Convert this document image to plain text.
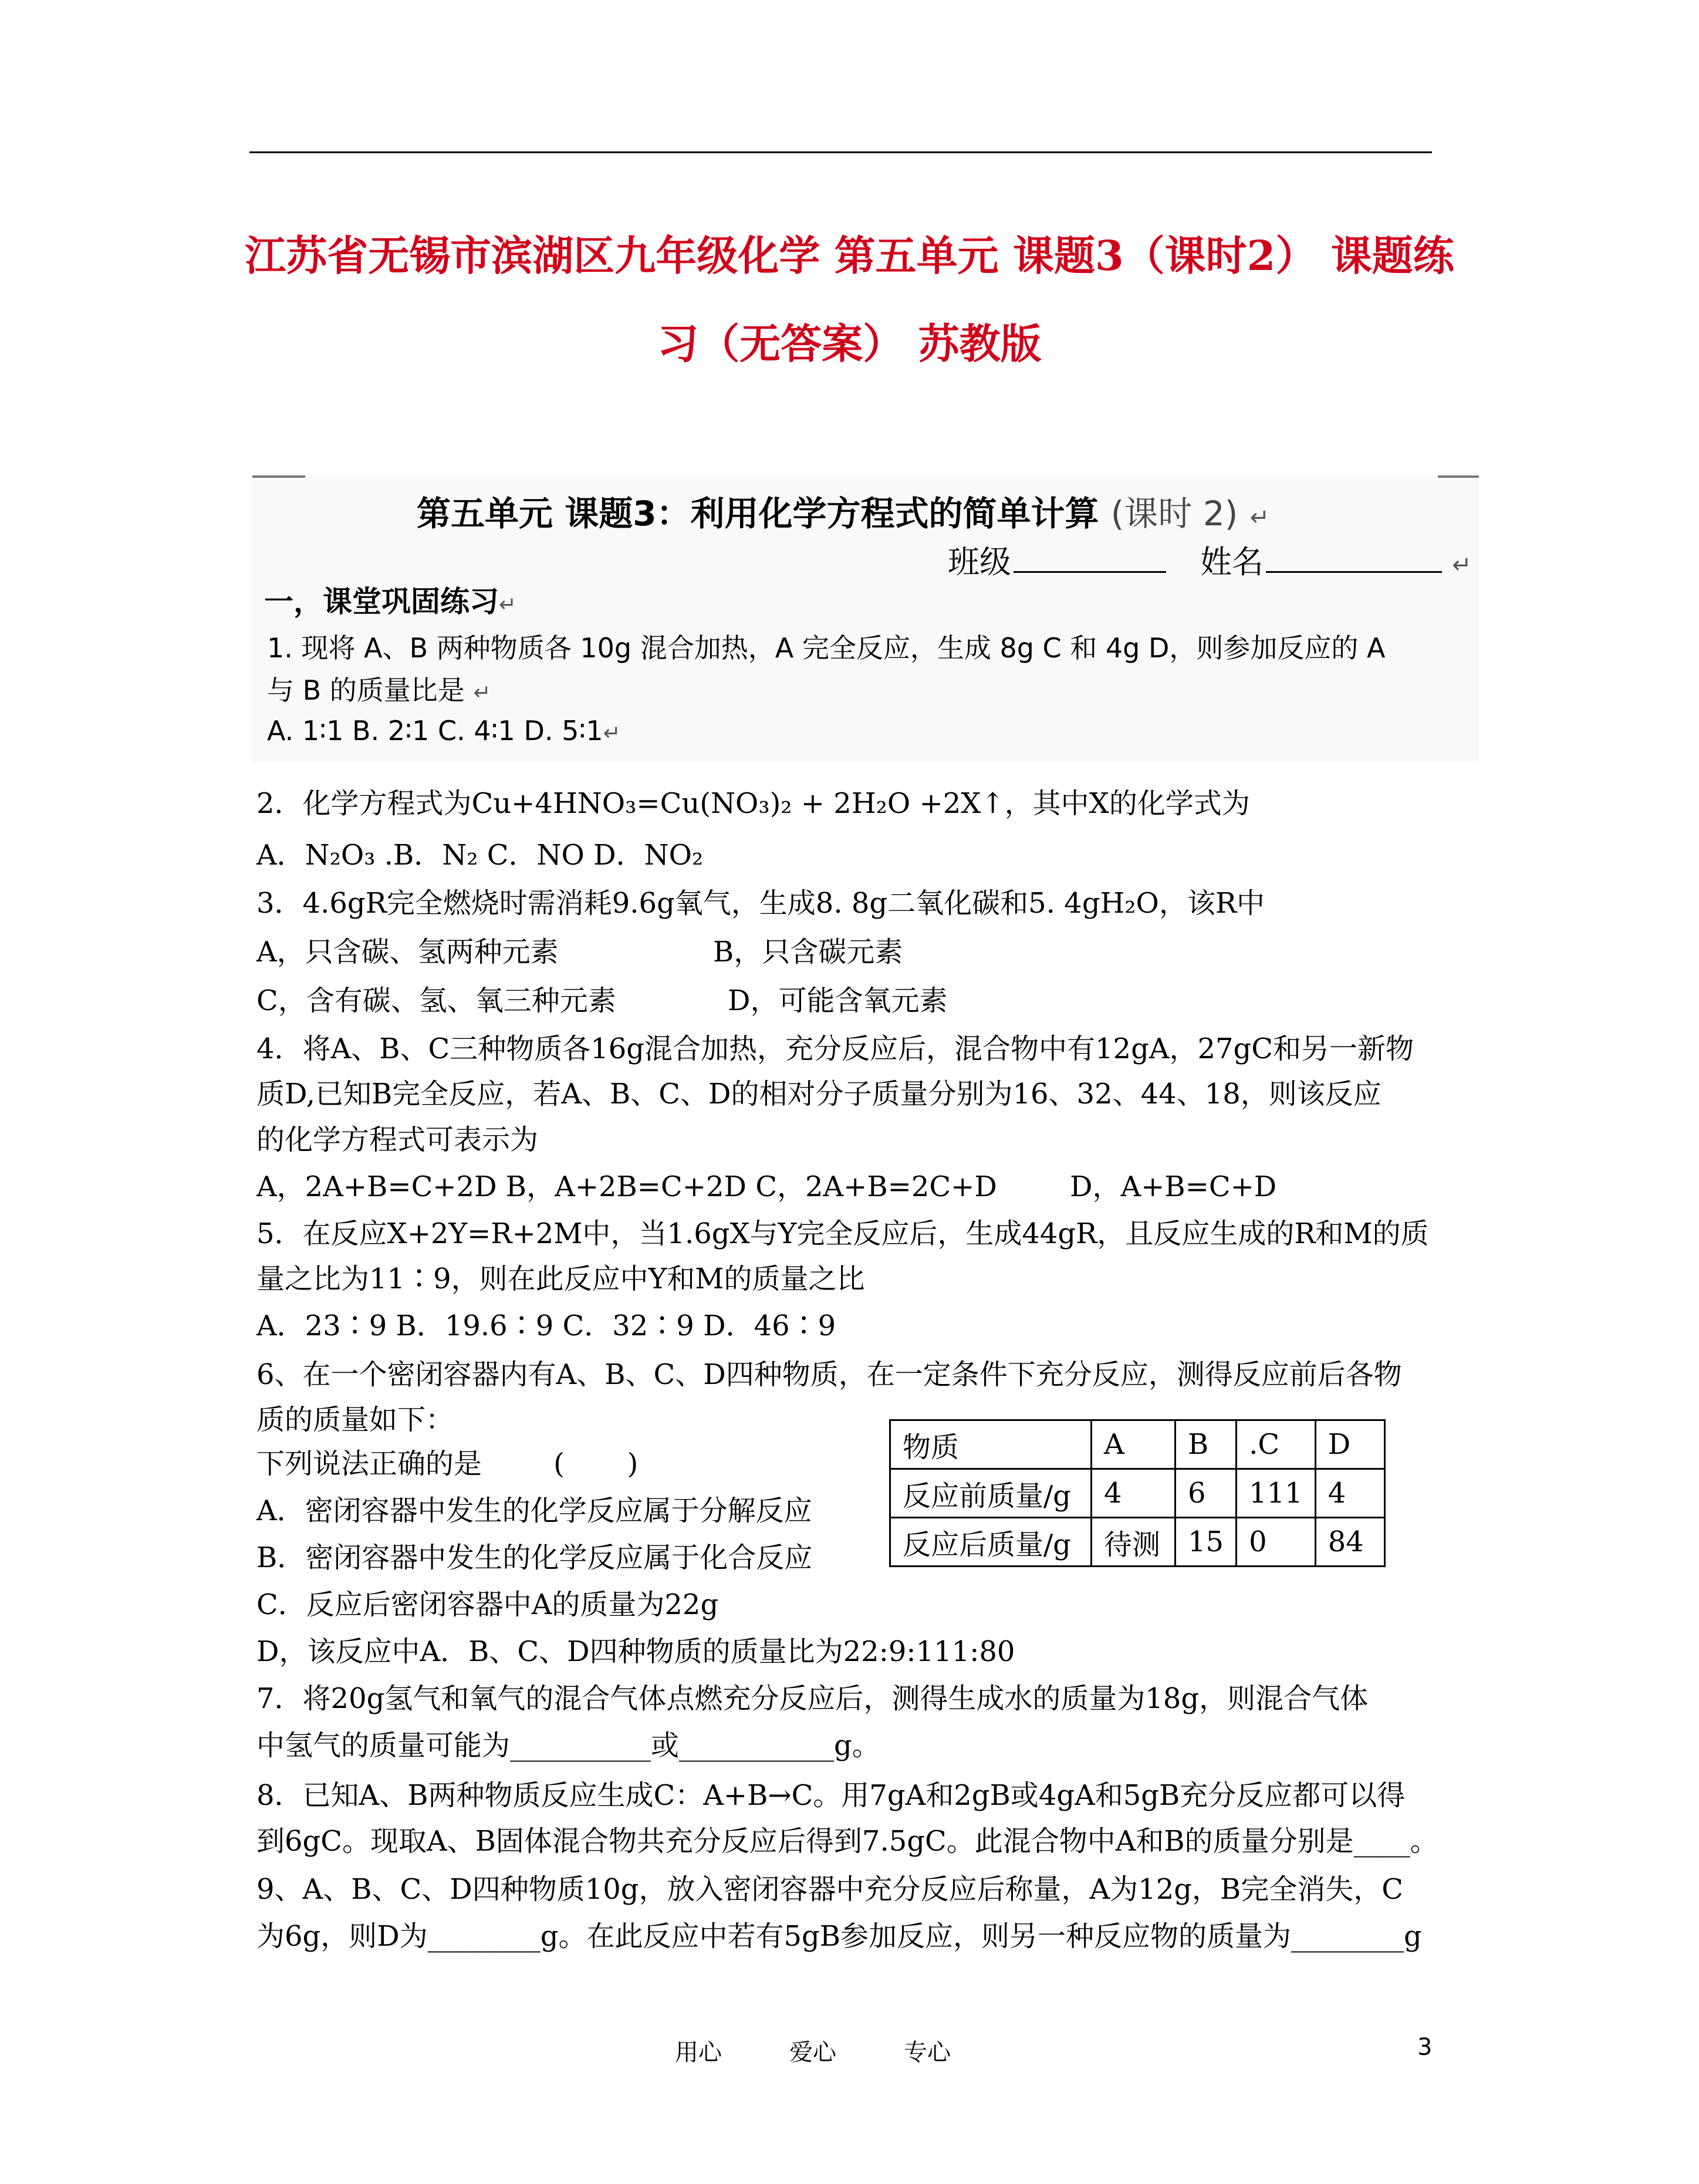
江苏省无锡市滨湖区九年级化学 第五单元 课题3（课时2） 课题练
习（无答案） 苏教版
第五单元 课题3：利用化学方程式的简单计算 (课时 2) ↵
班级	姓名	↵
一，课堂巩固练习↵
1. 现将 A、B 两种物质各 10g 混合加热，A 完全反应，生成 8g C 和 4g D，则参加反应的 A
与 B 的质量比是 ↵
A. 1∶1 B. 2∶1 C. 4∶1 D. 5∶1↵
2．化学方程式为Cu+4HNO₃=Cu(NO₃)₂ + 2H₂O +2X↑，其中X的化学式为
A．N₂O₃ .B．N₂ C．NO D．NO₂
3．4.6gR完全燃烧时需消耗9.6g氧气，生成8. 8g二氧化碳和5. 4gH₂O，该R中
A，只含碳、氢两种元素	B，只含碳元素
C，含有碳、氢、氧三种元素	D，可能含氧元素
4．将A、B、C三种物质各16g混合加热，充分反应后，混合物中有12gA，27gC和另一新物
质D,已知B完全反应，若A、B、C、D的相对分子质量分别为16、32、44、18，则该反应
的化学方程式可表示为
A，2A+B=C+2D B，A+2B=C+2D C，2A+B=2C+D	D，A+B=C+D
5．在反应X+2Y=R+2M中，当1.6gX与Y完全反应后，生成44gR，且反应生成的R和M的质
量之比为11∶9，则在此反应中Y和M的质量之比
A．23∶9 B．19.6∶9 C．32∶9 D．46∶9
6、在一个密闭容器内有A、B、C、D四种物质，在一定条件下充分反应，测得反应前后各物
质的质量如下：
下列说法正确的是        (       )
A．密闭容器中发生的化学反应属于分解反应
B．密闭容器中发生的化学反应属于化合反应
C．反应后密闭容器中A的质量为22g
D，该反应中A．B、C、D四种物质的质量比为22:9:111:80
物质	A	B	.C	D
反应前质量/g	4	6	111	4
反应后质量/g	待测	15	0	84
7．将20g氢气和氧气的混合气体点燃充分反应后，测得生成水的质量为18g，则混合气体
中氢气的质量可能为__________或___________g。
8．已知A、B两种物质反应生成C：A+B→C。用7gA和2gB或4gA和5gB充分反应都可以得
到6gC。现取A、B固体混合物共充分反应后得到7.5gC。此混合物中A和B的质量分别是____。
9、A、B、C、D四种物质10g，放入密闭容器中充分反应后称量，A为12g，B完全消失，C
为6g，则D为________g。在此反应中若有5gB参加反应，则另一种反应物的质量为________g
用心	爱心	专心	3
